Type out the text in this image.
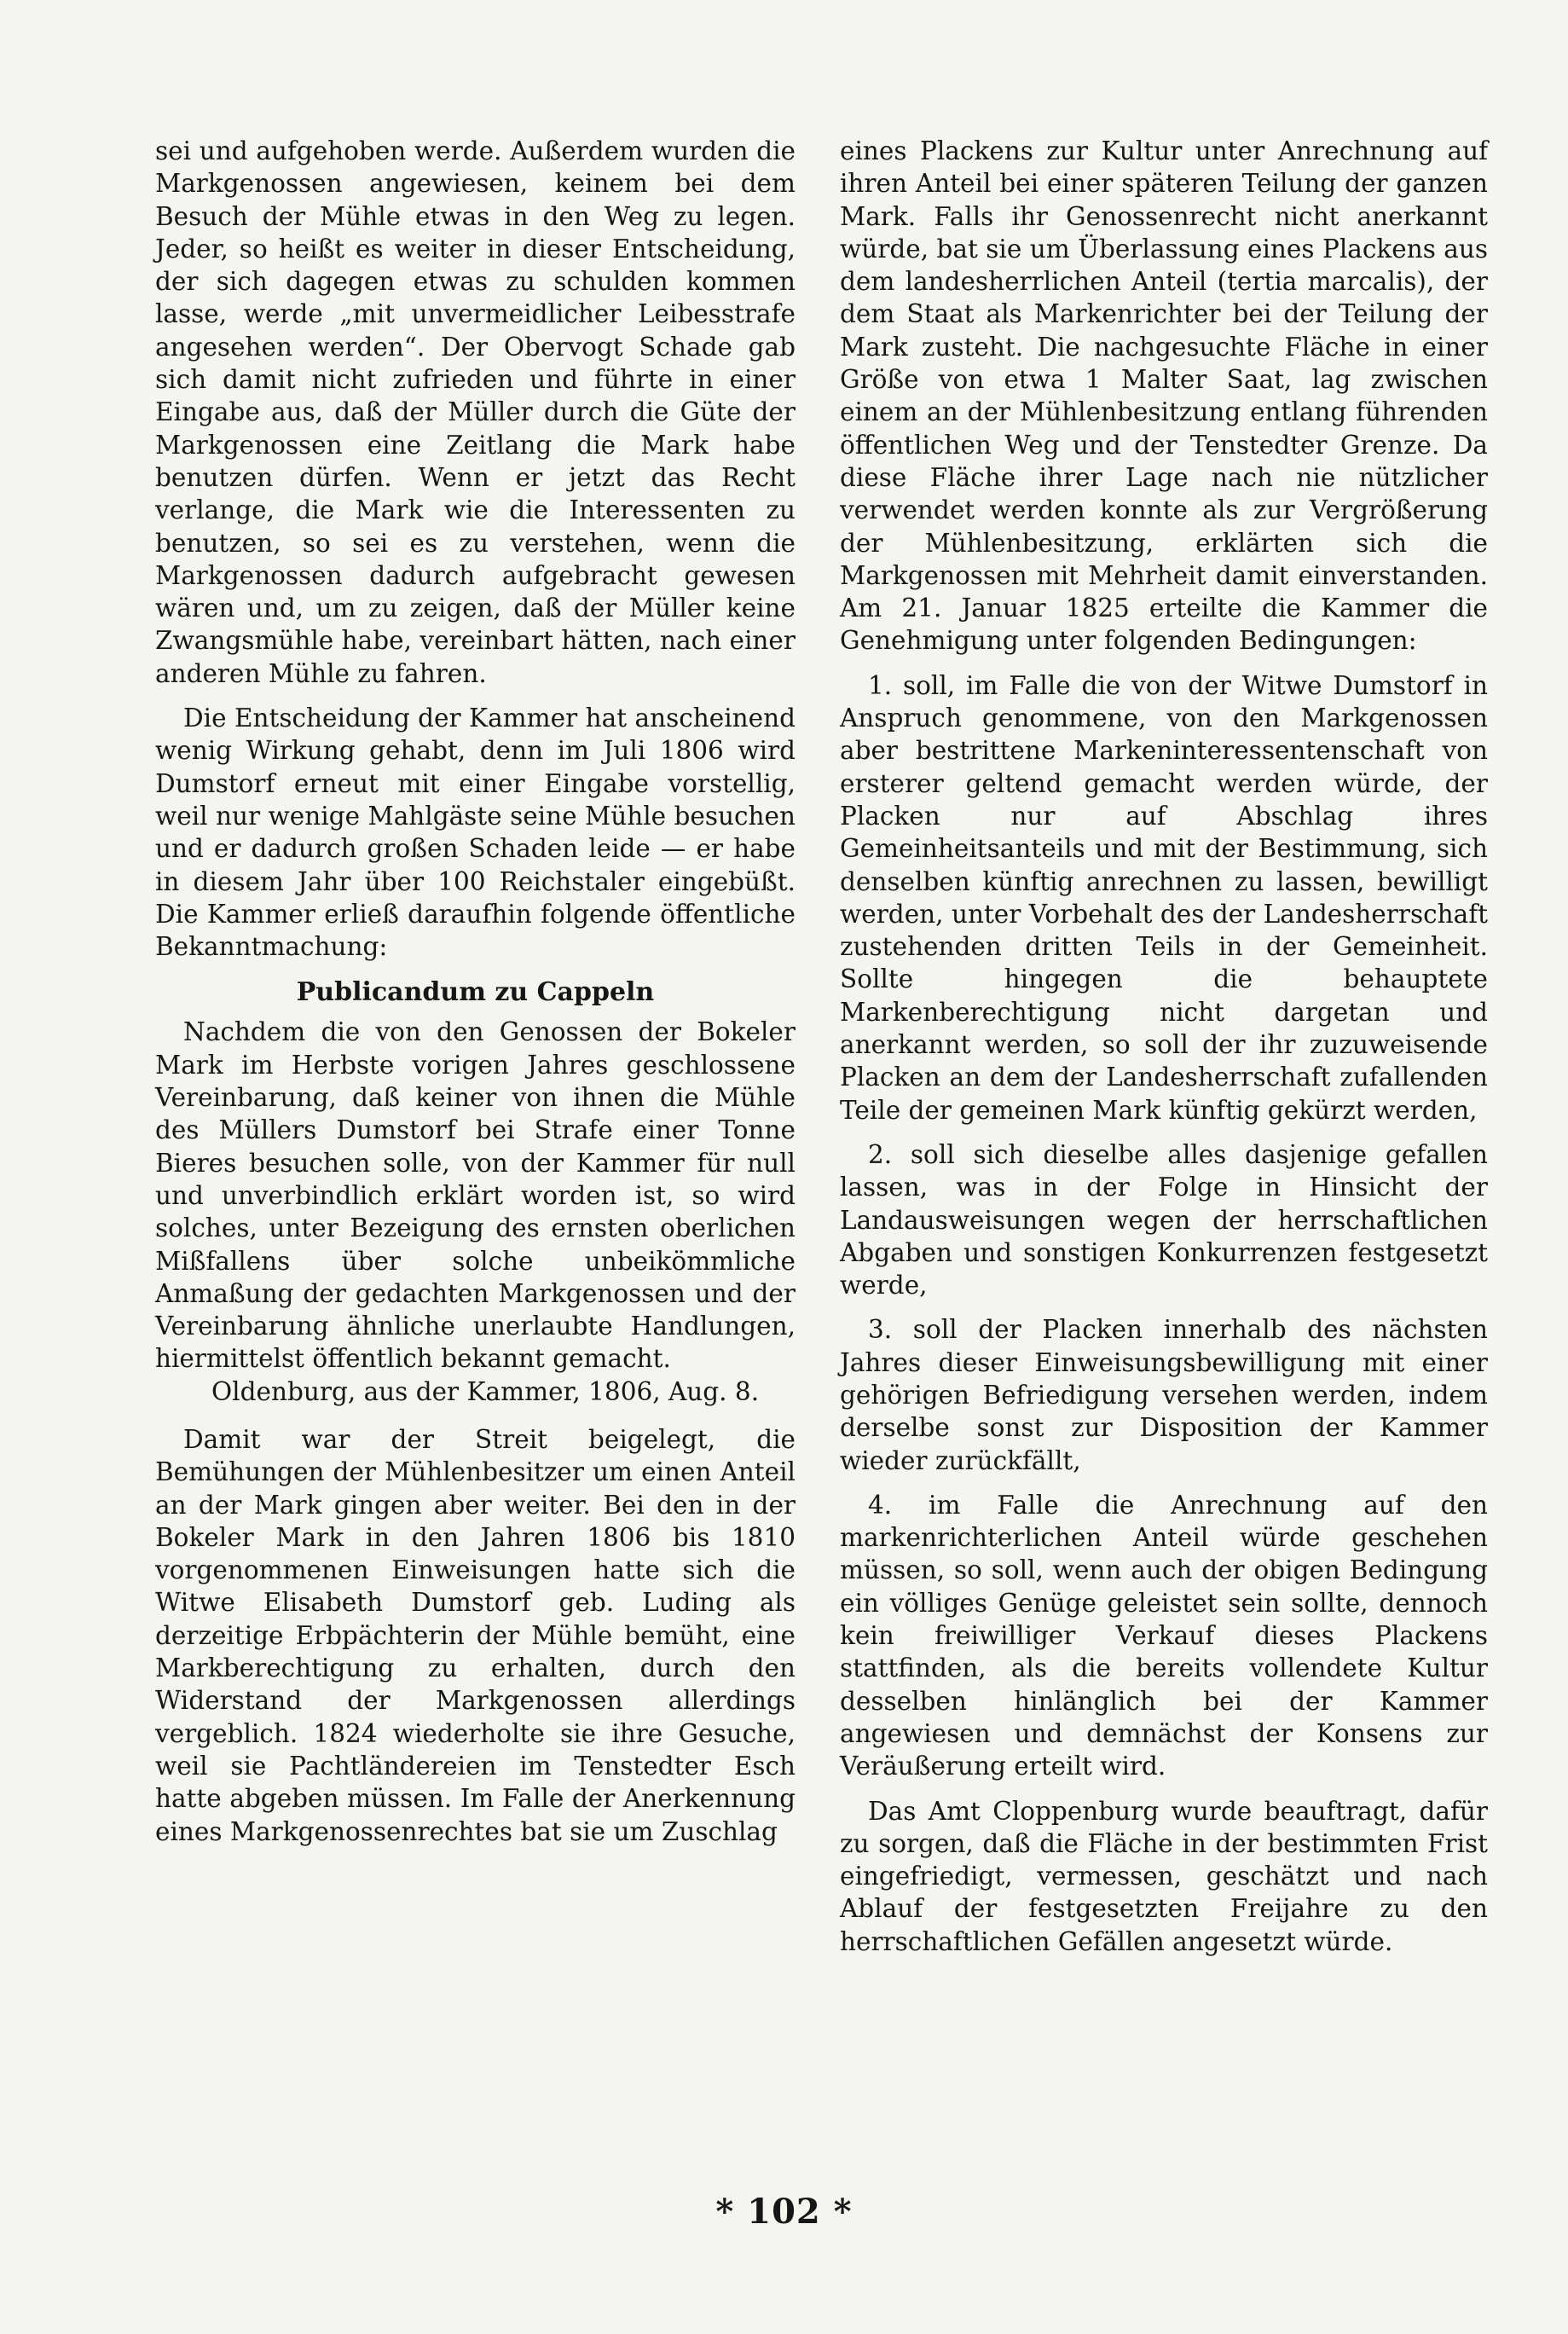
sei und aufgehoben werde. Außerdem wurden die Markgenossen angewiesen, keinem bei dem Besuch der Mühle etwas in den Weg zu legen. Jeder, so heißt es weiter in dieser Entscheidung, der sich dagegen etwas zu schulden kommen lasse, werde „mit unvermeidlicher Leibesstrafe angesehen werden“. Der Obervogt Schade gab sich damit nicht zufrieden und führte in einer Eingabe aus, daß der Müller durch die Güte der Markgenossen eine Zeitlang die Mark habe benutzen dürfen. Wenn er jetzt das Recht verlange, die Mark wie die Interessenten zu benutzen, so sei es zu verstehen, wenn die Markgenossen dadurch aufgebracht gewesen wären und, um zu zeigen, daß der Müller keine Zwangsmühle habe, vereinbart hätten, nach einer anderen Mühle zu fahren.

Die Entscheidung der Kammer hat anscheinend wenig Wirkung gehabt, denn im Juli 1806 wird Dumstorf erneut mit einer Eingabe vorstellig, weil nur wenige Mahlgäste seine Mühle besuchen und er dadurch großen Schaden leide — er habe in diesem Jahr über 100 Reichstaler eingebüßt. Die Kammer erließ daraufhin folgende öffentliche Bekanntmachung:

Publicandum zu Cappeln

Nachdem die von den Genossen der Bokeler Mark im Herbste vorigen Jahres geschlossene Vereinbarung, daß keiner von ihnen die Mühle des Müllers Dumstorf bei Strafe einer Tonne Bieres besuchen solle, von der Kammer für null und unverbindlich erklärt worden ist, so wird solches, unter Bezeigung des ernsten oberlichen Mißfallens über solche unbeikömmliche Anmaßung der gedachten Markgenossen und der Vereinbarung ähnliche unerlaubte Handlungen, hiermittelst öffentlich bekannt gemacht.

Oldenburg, aus der Kammer, 1806, Aug. 8.

Damit war der Streit beigelegt, die Bemühungen der Mühlenbesitzer um einen Anteil an der Mark gingen aber weiter. Bei den in der Bokeler Mark in den Jahren 1806 bis 1810 vorgenommenen Einweisungen hatte sich die Witwe Elisabeth Dumstorf geb. Luding als derzeitige Erbpächterin der Mühle bemüht, eine Markberechtigung zu erhalten, durch den Widerstand der Markgenossen allerdings vergeblich. 1824 wiederholte sie ihre Gesuche, weil sie Pachtländereien im Tenstedter Esch hatte abgeben müssen. Im Falle der Anerkennung eines Markgenossenrechtes bat sie um Zuschlag

eines Plackens zur Kultur unter Anrechnung auf ihren Anteil bei einer späteren Teilung der ganzen Mark. Falls ihr Genossenrecht nicht anerkannt würde, bat sie um Überlassung eines Plackens aus dem landesherrlichen Anteil (tertia marcalis), der dem Staat als Markenrichter bei der Teilung der Mark zusteht. Die nachgesuchte Fläche in einer Größe von etwa 1 Malter Saat, lag zwischen einem an der Mühlenbesitzung entlang führenden öffentlichen Weg und der Tenstedter Grenze. Da diese Fläche ihrer Lage nach nie nützlicher verwendet werden konnte als zur Vergrößerung der Mühlenbesitzung, erklärten sich die Markgenossen mit Mehrheit damit einverstanden. Am 21. Januar 1825 erteilte die Kammer die Genehmigung unter folgenden Bedingungen:

1. soll, im Falle die von der Witwe Dumstorf in Anspruch genommene, von den Markgenossen aber bestrittene Markeninteressentenschaft von ersterer geltend gemacht werden würde, der Placken nur auf Abschlag ihres Gemeinheitsanteils und mit der Bestimmung, sich denselben künftig anrechnen zu lassen, bewilligt werden, unter Vorbehalt des der Landesherrschaft zustehenden dritten Teils in der Gemeinheit. Sollte hingegen die behauptete Markenberechtigung nicht dargetan und anerkannt werden, so soll der ihr zuzuweisende Placken an dem der Landesherrschaft zufallenden Teile der gemeinen Mark künftig gekürzt werden,

2. soll sich dieselbe alles dasjenige gefallen lassen, was in der Folge in Hinsicht der Landausweisungen wegen der herrschaftlichen Abgaben und sonstigen Konkurrenzen festgesetzt werde,

3. soll der Placken innerhalb des nächsten Jahres dieser Einweisungsbewilligung mit einer gehörigen Befriedigung versehen werden, indem derselbe sonst zur Disposition der Kammer wieder zurückfällt,

4. im Falle die Anrechnung auf den markenrichterlichen Anteil würde geschehen müssen, so soll, wenn auch der obigen Bedingung ein völliges Genüge geleistet sein sollte, dennoch kein freiwilliger Verkauf dieses Plackens stattfinden, als die bereits vollendete Kultur desselben hinlänglich bei der Kammer angewiesen und demnächst der Konsens zur Veräußerung erteilt wird.

Das Amt Cloppenburg wurde beauftragt, dafür zu sorgen, daß die Fläche in der bestimmten Frist eingefriedigt, vermessen, geschätzt und nach Ablauf der festgesetzten Freijahre zu den herrschaftlichen Gefällen angesetzt würde.

* 102 *
